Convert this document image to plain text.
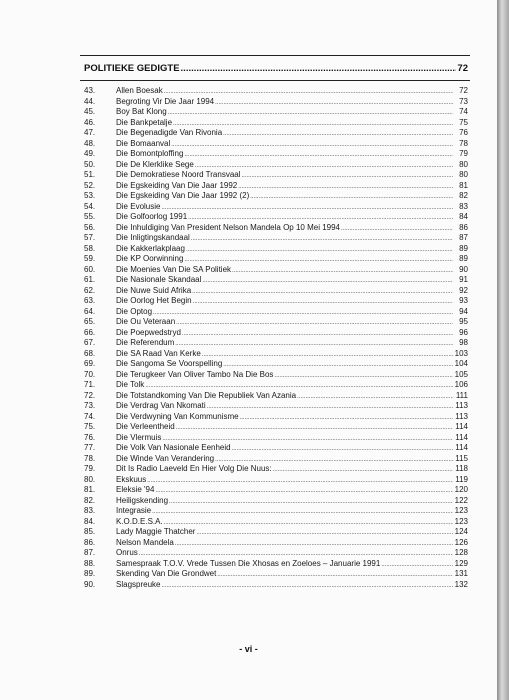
POLITIEKE GEDIGTE .....	72
43.	Allen Boesak .....	72
44.	Begroting Vir Die Jaar 1994 .....	73
45.	Boy Bat Klong .....	74
46.	Die Bankpetalje .....	75
47.	Die Begenadigde Van Rivonia .....	76
48.	Die Bomaanval .....	78
49.	Die Bomontploffing .....	79
50.	Die De Klerklike Sege .....	80
51.	Die Demokratiese Noord Transvaal .....	80
52.	Die Egskeiding Van Die Jaar 1992 .....	81
53.	Die Egskeiding Van Die Jaar 1992 (2) .....	82
54.	Die Evolusie .....	83
55.	Die Golfoorlog 1991 .....	84
56.	Die Inhuldiging Van President Nelson Mandela Op 10 Mei 1994 .....	86
57.	Die Inligtingskandaal .....	87
58.	Die Kakkerlakplaag .....	89
59.	Die KP Oorwinning .....	89
60.	Die Moenies Van Die SA Politiek .....	90
61.	Die Nasionale Skandaal .....	91
62.	Die Nuwe Suid Afrika .....	92
63.	Die Oorlog Het Begin .....	93
64.	Die Optog .....	94
65.	Die Ou Veteraan .....	95
66.	Die Poepwedstryd .....	96
67.	Die Referendum .....	98
68.	Die SA Raad Van Kerke .....	103
69.	Die Sangoma Se Voorspelling .....	104
70.	Die Terugkeer Van Oliver Tambo Na Die Bos .....	105
71.	Die Tolk .....	106
72.	Die Totstandkoming Van Die Republiek Van Azania .....	111
73.	Die Verdrag Van Nkomati .....	113
74.	Die Verdwyning Van Kommunisme .....	113
75.	Die Verleentheid .....	114
76.	Die Vlermuis .....	114
77.	Die Volk Van Nasionale Eenheid .....	114
78.	Die Winde Van Verandering .....	115
79.	Dit Is Radio Laeveld En Hier Volg Die Nuus: .....	118
80.	Ekskuus .....	119
81.	Eleksie '94 .....	120
82.	Heiligskending .....	122
83.	Integrasie .....	123
84.	K.O.D.E.S.A. .....	123
85.	Lady Maggie Thatcher .....	124
86.	Nelson Mandela .....	126
87.	Onrus .....	128
88.	Samespraak T.O.V. Vrede Tussen Die Xhosas en Zoeloes – Januarie 1991 .....	129
89.	Skending Van Die Grondwet .....	131
90.	Slagspreuke .....	132
- vi -
